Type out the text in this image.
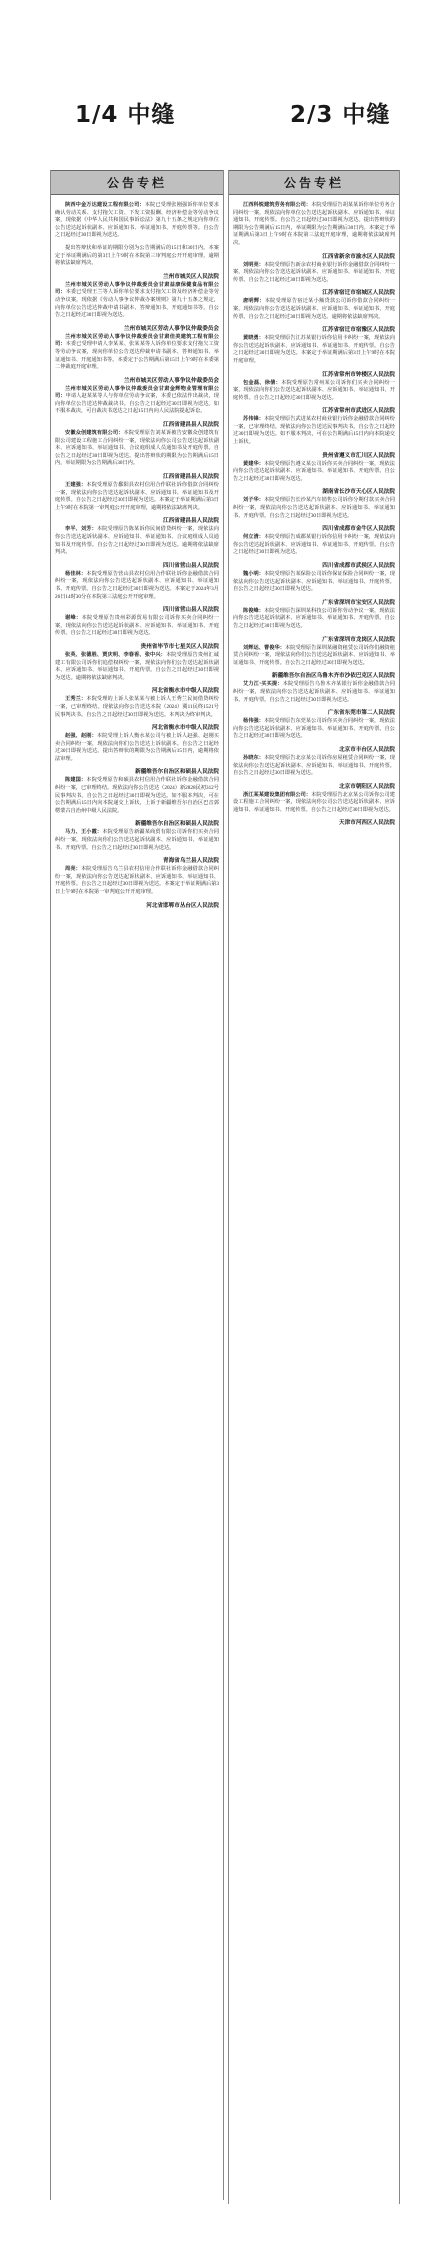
1/4 中缝	2/3 中缝
公告专栏
陕西中金万达建设工程有限公司：本院已受理张刚强诉你单位要求确认劳动关系、支付拖欠工资、下发工资报酬、经济补偿金等劳动争议案，现依据《中华人民共和国民事诉讼法》第九十五条之规定向你单位公告送达起诉状副本、应诉通知书、举证通知书、开庭传票等。自公告之日起经过30日即视为送达。
提出答辩状和举证的期限分别为公告期满后的15日和30日内。本案定于举证期满后的第3日上午9时在本院第三审判庭公开开庭审理，逾期将依法缺席判决。
兰州市城关区人民法院
兰州市城关区劳动人事争议仲裁委员会甘肃益康保健食品有限公司：本委已受理王兰等人诉你单位要求支付拖欠工资及经济补偿金等劳动争议案，现依据《劳动人事争议仲裁办案规则》第九十五条之规定，向你单位公告送达仲裁申请书副本、答辩通知书、开庭通知书等。自公告之日起经过30日即视为送达。
兰州市城关区劳动人事争议仲裁委员会
兰州市城关区劳动人事争议仲裁委员会甘肃佳美建筑工程有限公司：本委已受理申请人李某某、张某某等人诉你单位要求支付拖欠工资等劳动争议案，现向你单位公告送达仲裁申请书副本、答辩通知书、举证通知书、开庭通知书等。本委定于公告期满后第15日上午9时在本委第二仲裁庭开庭审理。
兰州市城关区劳动人事争议仲裁委员会
兰州市城关区劳动人事争议仲裁委员会甘肃金辉物业管理有限公司：申请人赵某某等人与你单位劳动争议案，本委已依法作出裁决，现向你单位公告送达仲裁裁决书。自公告之日起经过30日即视为送达。如不服本裁决，可自裁决书送达之日起15日内向人民法院提起诉讼。
江西省建昌县人民法院
安徽众创建筑有限公司：本院受理原告刘某诉被告安徽众创建筑有限公司建设工程施工合同纠纷一案，现依法向你公司公告送达起诉状副本、应诉通知书、举证通知书、合议庭组成人员通知书及开庭传票。自公告之日起经过30日即视为送达。提出答辩状的期限为公告期满后15日内，举证期限为公告期满后30日内。
江西省建昌县人民法院
王建强：本院受理原告鄱阳县农村信用合作联社诉你借款合同纠纷一案，现依法向你公告送达起诉状副本、应诉通知书、举证通知书及开庭传票。自公告之日起经过30日即视为送达。本案定于举证期满后第3日上午9时在本院第一审判庭公开开庭审理，逾期将依法缺席判决。
江西省建昌县人民法院
李平、刘芳：本院受理原告陈某诉你民间借贷纠纷一案，现依法向你公告送达起诉状副本、应诉通知书、举证通知书、合议庭组成人员通知书及开庭传票。自公告之日起经过30日即视为送达。逾期将依法缺席判决。
四川省营山县人民法院
杨佳林：本院受理原告营山县农村信用合作联社诉你金融借款合同纠纷一案，现依法向你公告送达起诉状副本、应诉通知书、举证通知书、开庭传票。自公告之日起经过30日即视为送达。本案定于2024年3月26日14时30分在本院第三法庭公开开庭审理。
四川省营山县人民法院
谢峰：本院受理原告贵州彩源贸易有限公司诉你买卖合同纠纷一案，现依法向你公告送达起诉状副本、应诉通知书、举证通知书、开庭传票。自公告之日起经过30日即视为送达。
贵州省毕节市七星关区人民法院
张英、张德胜、贾庆明、李春香、张中兴：本院受理原告贵州汇诚建工有限公司诉你们追偿权纠纷一案，现依法向你们公告送达起诉状副本、应诉通知书、举证通知书、开庭传票。自公告之日起经过30日即视为送达。逾期将依法缺席判决。
河北省衡水市中级人民法院
王秀兰：本院受理的上诉人张某某与被上诉人王秀兰民间借贷纠纷一案，已审理终结。现依法向你公告送达本院（2024）冀11民终1521号民事判决书。自公告之日起经过30日即视为送达。本判决为终审判决。
河北省衡水市中级人民法院
赵强、赵刚：本院受理上诉人衡水某公司与被上诉人赵强、赵刚买卖合同纠纷一案，现依法向你们公告送达上诉状副本。自公告之日起经过30日即视为送达。提出答辩状的期限为公告期满后15日内，逾期将依法审理。
新疆维吾尔自治区和硕县人民法院
陈建国：本院受理原告和硕县农村信用合作联社诉你金融借款合同纠纷一案，已审理终结。现依法向你公告送达（2024）新2828民初312号民事判决书。自公告之日起经过30日即视为送达。如不服本判决，可在公告期满后15日内向本院递交上诉状，上诉于新疆维吾尔自治区巴音郭楞蒙古自治州中级人民法院。
新疆维吾尔自治区和硕县人民法院
马力、王小霞：本院受理原告新疆某商贸有限公司诉你们买卖合同纠纷一案，现依法向你们公告送达起诉状副本、应诉通知书、举证通知书、开庭传票。自公告之日起经过30日即视为送达。
青海省乌兰县人民法院
周亮：本院受理原告乌兰县农村信用合作联社诉你金融借款合同纠纷一案，现依法向你公告送达起诉状副本、应诉通知书、举证通知书、开庭传票。自公告之日起经过30日即视为送达。本案定于举证期满后第3日上午9时在本院第一审判庭公开开庭审理。
河北省邯郸市丛台区人民法院
公告专栏
江西科锐建筑劳务有限公司：本院受理原告胡某某诉你单位劳务合同纠纷一案，现依法向你单位公告送达起诉状副本、应诉通知书、举证通知书、开庭传票。自公告之日起经过30日即视为送达。提出答辩状的期限为公告期满后15日内，举证期限为公告期满后30日内。本案定于举证期满后第3日上午9时在本院第三法庭开庭审理，逾期将依法缺席判决。
江西省新余市渝水区人民法院
刘明亮：本院受理原告新余农村商业银行诉你金融借款合同纠纷一案，现依法向你公告送达起诉状副本、应诉通知书、举证通知书、开庭传票。自公告之日起经过30日即视为送达。
江苏省宿迁市宿城区人民法院
唐明辉：本院受理原告宿迁某小额贷款公司诉你借款合同纠纷一案，现依法向你公告送达起诉状副本、应诉通知书、举证通知书、开庭传票。自公告之日起经过30日即视为送达。逾期将依法缺席判决。
江苏省宿迁市宿豫区人民法院
黄晓勇：本院受理原告江苏某银行诉你信用卡纠纷一案，现依法向你公告送达起诉状副本、应诉通知书、举证通知书、开庭传票。自公告之日起经过30日即视为送达。本案定于举证期满后第3日上午9时在本院开庭审理。
江苏省常州市钟楼区人民法院
包金磊、徐倩：本院受理原告常州某公司诉你们买卖合同纠纷一案，现依法向你们公告送达起诉状副本、应诉通知书、举证通知书、开庭传票。自公告之日起经过30日即视为送达。
江苏省常州市武进区人民法院
苏伟锋：本院受理原告武进某农村商业银行诉你金融借款合同纠纷一案，已审理终结。现依法向你公告送达民事判决书。自公告之日起经过30日即视为送达。如不服本判决，可在公告期满后15日内向本院递交上诉状。
贵州省遵义市汇川区人民法院
黄建华：本院受理原告遵义某公司诉你买卖合同纠纷一案，现依法向你公告送达起诉状副本、应诉通知书、举证通知书、开庭传票。自公告之日起经过30日即视为送达。
湖南省长沙市天心区人民法院
刘子华：本院受理原告长沙某汽车销售公司诉你分期付款买卖合同纠纷一案，现依法向你公告送达起诉状副本、应诉通知书、举证通知书、开庭传票。自公告之日起经过30日即视为送达。
四川省成都市金牛区人民法院
何立清：本院受理原告成都某银行诉你信用卡纠纷一案，现依法向你公告送达起诉状副本、应诉通知书、举证通知书、开庭传票。自公告之日起经过30日即视为送达。
四川省成都市武侯区人民法院
魏小明：本院受理原告某保险公司诉你保证保险合同纠纷一案，现依法向你公告送达起诉状副本、应诉通知书、举证通知书、开庭传票。自公告之日起经过30日即视为送达。
广东省深圳市宝安区人民法院
陈俊峰：本院受理原告深圳某科技公司诉你劳动争议一案，现依法向你公告送达起诉状副本、应诉通知书、举证通知书、开庭传票。自公告之日起经过30日即视为送达。
广东省深圳市龙岗区人民法院
刘辉运、曹俊华：本院受理原告深圳某融资租赁公司诉你们融资租赁合同纠纷一案，现依法向你们公告送达起诉状副本、应诉通知书、举证通知书、开庭传票。自公告之日起经过30日即视为送达。
新疆维吾尔自治区乌鲁木齐市沙依巴克区人民法院
艾力江·买买提：本院受理原告乌鲁木齐某银行诉你金融借款合同纠纷一案，现依法向你公告送达起诉状副本、应诉通知书、举证通知书、开庭传票。自公告之日起经过30日即视为送达。
广东省东莞市第二人民法院
杨伟强：本院受理原告东莞某公司诉你买卖合同纠纷一案，现依法向你公告送达起诉状副本、应诉通知书、举证通知书、开庭传票。自公告之日起经过30日即视为送达。
北京市丰台区人民法院
孙晓东：本院受理原告北京某公司诉你房屋租赁合同纠纷一案，现依法向你公告送达起诉状副本、应诉通知书、举证通知书、开庭传票。自公告之日起经过30日即视为送达。
北京市朝阳区人民法院
浙江某某建设集团有限公司：本院受理原告北京某公司诉你公司建设工程施工合同纠纷一案，现依法向你公司公告送达起诉状副本、应诉通知书、举证通知书、开庭传票。自公告之日起经过30日即视为送达。
天津市河西区人民法院
